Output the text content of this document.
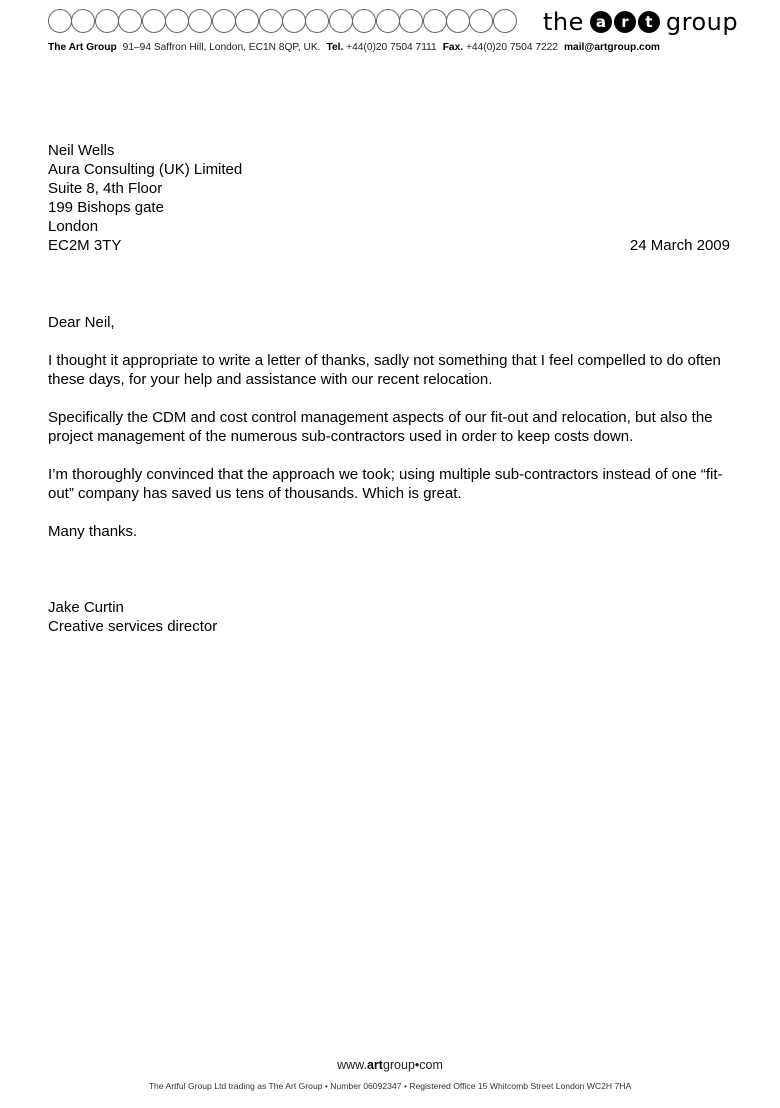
the a	r	t group
The Art Group 91–94 Saffron Hill, London, EC1N 8QP, UK. Tel. +44(0)20 7504 7111 Fax. +44(0)20 7504 7222 mail@artgroup.com
Neil Wells
Aura Consulting (UK) Limited
Suite 8, 4th Floor
199 Bishops gate
London
EC2M 3TY	24 March 2009

Dear Neil,

I thought it appropriate to write a letter of thanks, sadly not something that I feel compelled to do often these days, for your help and assistance with our recent relocation.

Specifically the CDM and cost control management aspects of our fit-out and relocation, but also the project management of the numerous sub-contractors used in order to keep costs down.

I’m thoroughly convinced that the approach we took; using multiple sub-contractors instead of one “fit-out” company has saved us tens of thousands. Which is great.

Many thanks.

Jake Curtin
Creative services director
www.artgroup•com
The Artful Group Ltd trading as The Art Group • Number 06092347 • Registered Office 15 Whitcomb Street London WC2H 7HA
